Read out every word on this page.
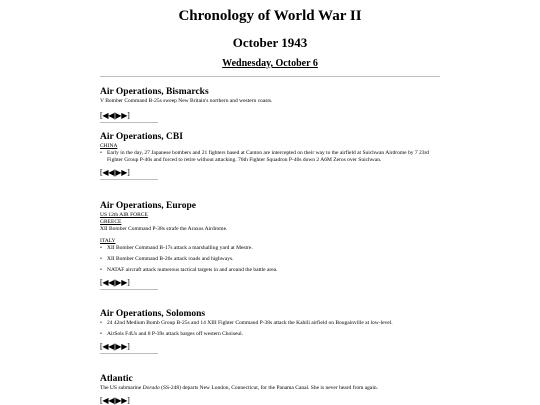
Chronology of World War II
October 1943
Wednesday, October 6
Air Operations, Bismarcks
V Bomber Command B-25s sweep New Britain's northern and western coasts.
[◀◀|▶▶]
Air Operations, CBI
CHINA
• Early in the day, 27 Japanese bombers and 21 fighters based at Canton are intercepted on their way to the airfield at Suichwan Airdrome by 7 23rd Fighter Group P-40s and forced to retire without attacking. 76th Fighter Squadron P-40s down 2 A6M Zeros over Suichwan.
[◀◀|▶▶]
Air Operations, Europe
US 12th AIR FORCE
GREECE
XII Bomber Command P-38s strafe the Araxos Airdrome.
ITALY
• XII Bomber Command B-17s attack a marshalling yard at Mestre.
• XII Bomber Command B-26s attack roads and highways.
• NATAF aircraft attack numerous tactical targets in and around the battle area.
[◀◀|▶▶]
Air Operations, Solomons
• 24 42nd Medium Bomb Group B-25s and 14 XIII Fighter Command P-38s attack the Kahili airfield on Bougainville at low-level.
• AirSols F4Us and 8 P-39s attack barges off western Choiseul.
[◀◀|▶▶]
Atlantic
The US submarine Dorado (SS-248) departs New London, Connecticut, for the Panama Canal. She is never heard from again.
[◀◀|▶▶]
